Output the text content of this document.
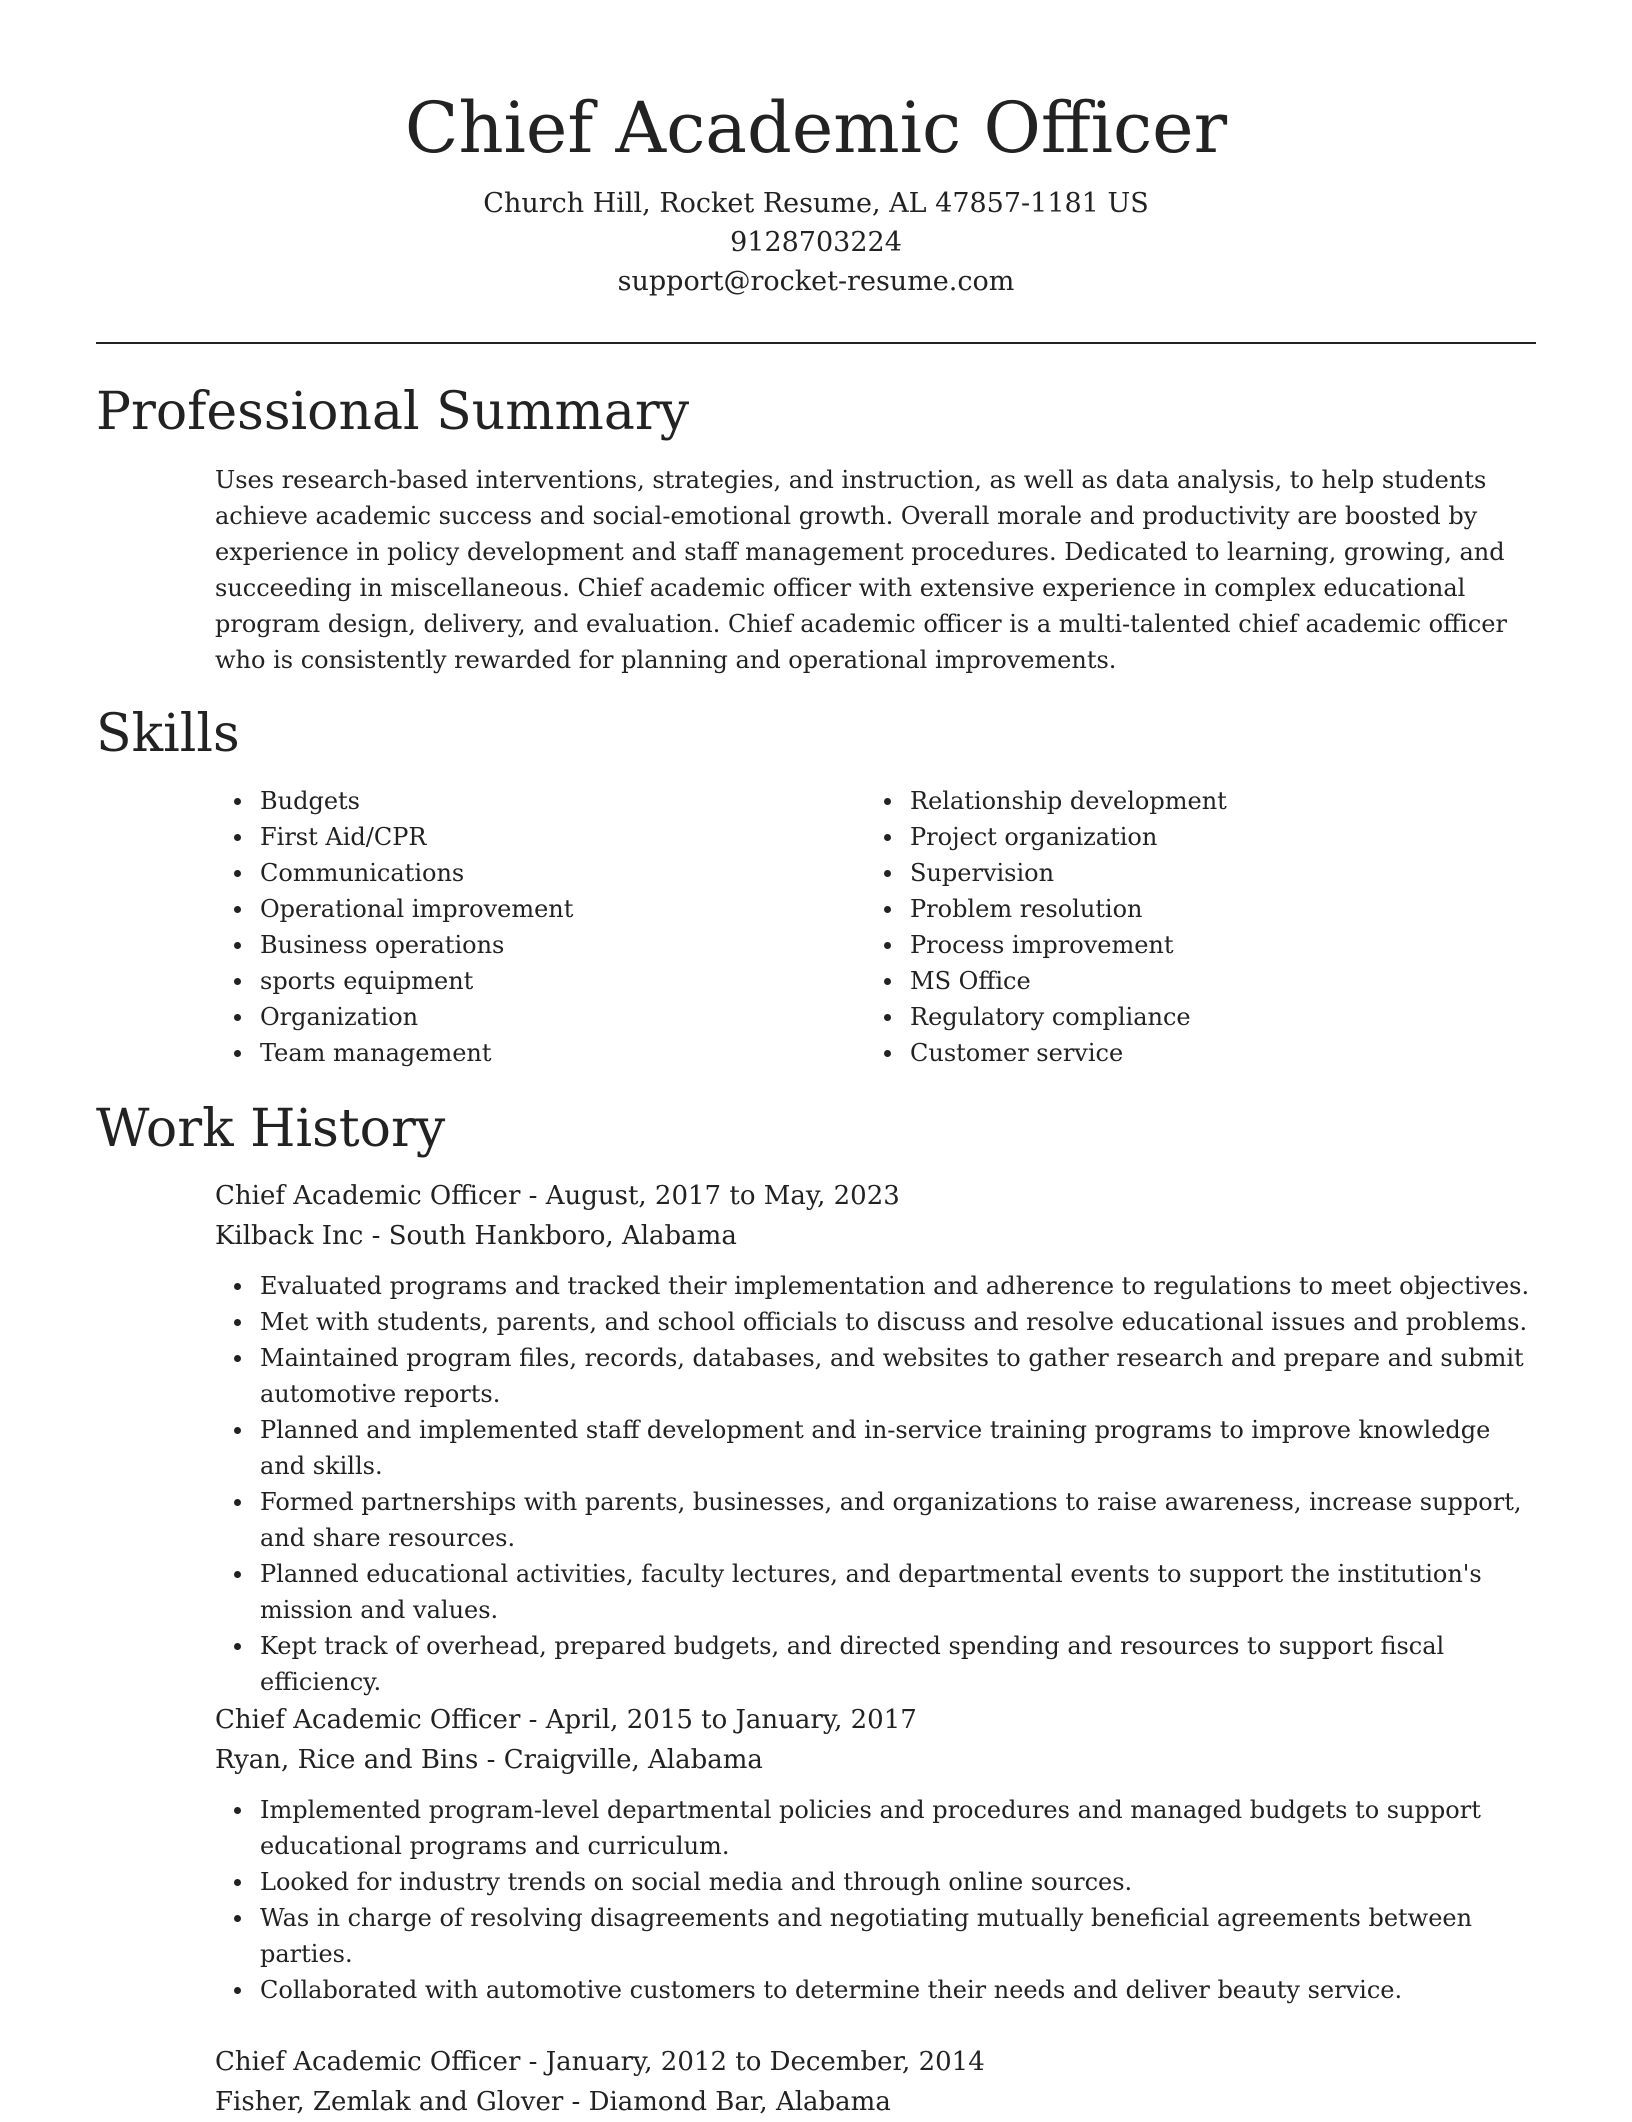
Chief Academic Officer
Church Hill, Rocket Resume, AL 47857-1181 US
9128703224
support@rocket-resume.com
Professional Summary

Uses research-based interventions, strategies, and instruction, as well as data analysis, to help students achieve academic success and social-emotional growth. Overall morale and productivity are boosted by experience in policy development and staff management procedures. Dedicated to learning, growing, and succeeding in miscellaneous. Chief academic officer with extensive experience in complex educational program design, delivery, and evaluation. Chief academic officer is a multi-talented chief academic officer who is consistently rewarded for planning and operational improvements.

Skills
Budgets
First Aid/CPR
Communications
Operational improvement
Business operations
sports equipment
Organization
Team management
Relationship development
Project organization
Supervision
Problem resolution
Process improvement
MS Office
Regulatory compliance
Customer service
Work History
Chief Academic Officer - August, 2017 to May, 2023
Kilback Inc - South Hankboro, Alabama
Evaluated programs and tracked their implementation and adherence to regulations to meet objectives.
Met with students, parents, and school officials to discuss and resolve educational issues and problems.
Maintained program files, records, databases, and websites to gather research and prepare and submit automotive reports.
Planned and implemented staff development and in-service training programs to improve knowledge and skills.
Formed partnerships with parents, businesses, and organizations to raise awareness, increase support, and share resources.
Planned educational activities, faculty lectures, and departmental events to support the institution's mission and values.
Kept track of overhead, prepared budgets, and directed spending and resources to support fiscal efficiency.
Chief Academic Officer - April, 2015 to January, 2017
Ryan, Rice and Bins - Craigville, Alabama
Implemented program-level departmental policies and procedures and managed budgets to support educational programs and curriculum.
Looked for industry trends on social media and through online sources.
Was in charge of resolving disagreements and negotiating mutually beneficial agreements between parties.
Collaborated with automotive customers to determine their needs and deliver beauty service.
Chief Academic Officer - January, 2012 to December, 2014
Fisher, Zemlak and Glover - Diamond Bar, Alabama
